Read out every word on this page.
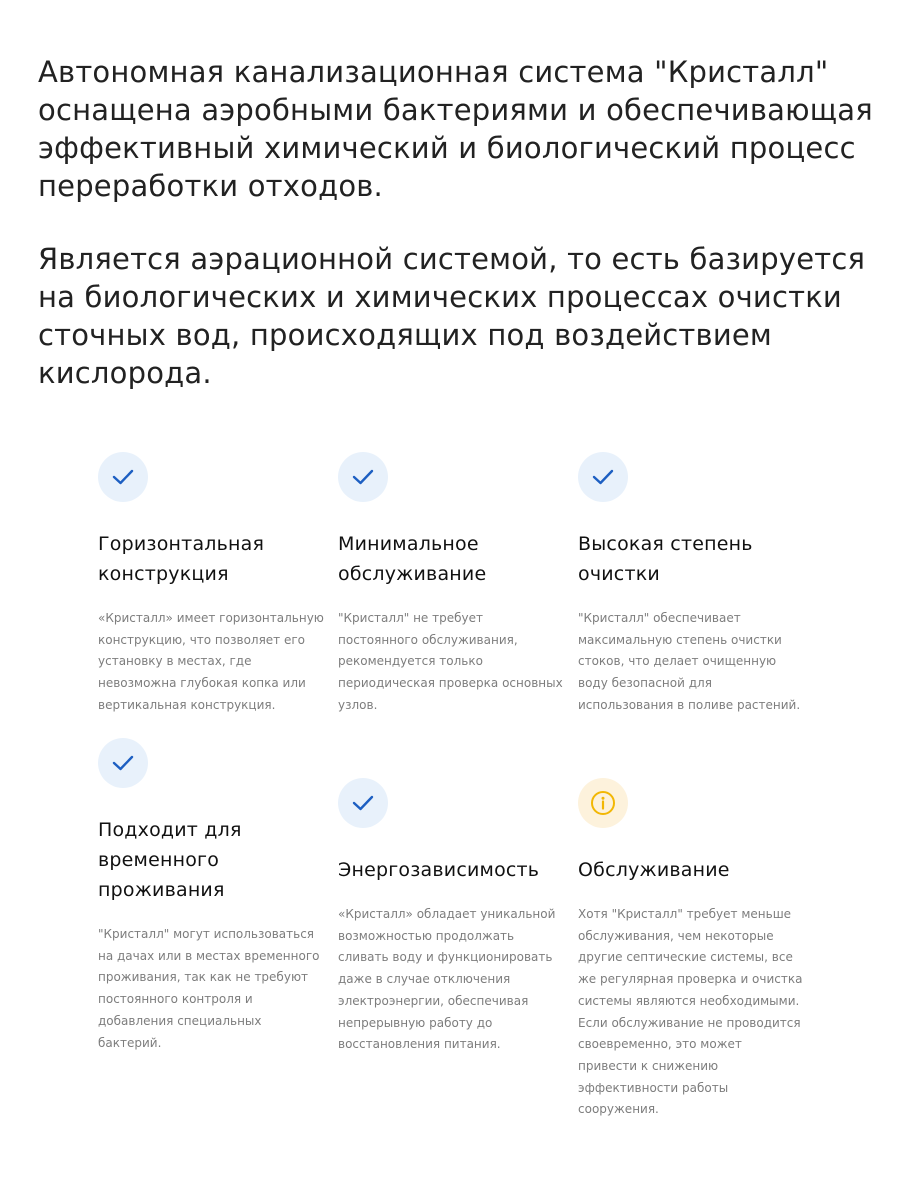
Автономная канализационная система "Кристалл" оснащена аэробными бактериями и обеспечивающая эффективный химический и биологический процесс переработки отходов.

Является аэрационной системой, то есть базируется на биологических и химических процессах очистки сточных вод, происходящих под воздействием кислорода.

Горизонтальная конструкция

«Кристалл» имеет горизонтальную конструкцию, что позволяет его установку в местах, где невозможна глубокая копка или вертикальная конструкция.

Минимальное обслуживание

"Кристалл" не требует постоянного обслуживания, рекомендуется только периодическая проверка основных узлов.

Высокая степень очистки

"Кристалл" обеспечивает максимальную степень очистки стоков, что делает очищенную воду безопасной для использования в поливе растений.

Подходит для временного проживания

"Кристалл" могут использоваться на дачах или в местах временного проживания, так как не требуют постоянного контроля и добавления специальных бактерий.

Энергозависимость

«Кристалл» обладает уникальной возможностью продолжать сливать воду и функционировать даже в случае отключения электроэнергии, обеспечивая непрерывную работу до восстановления питания.

Обслуживание

Хотя "Кристалл" требует меньше обслуживания, чем некоторые другие септические системы, все же регулярная проверка и очистка системы являются необходимыми. Если обслуживание не проводится своевременно, это может привести к снижению эффективности работы сооружения.
